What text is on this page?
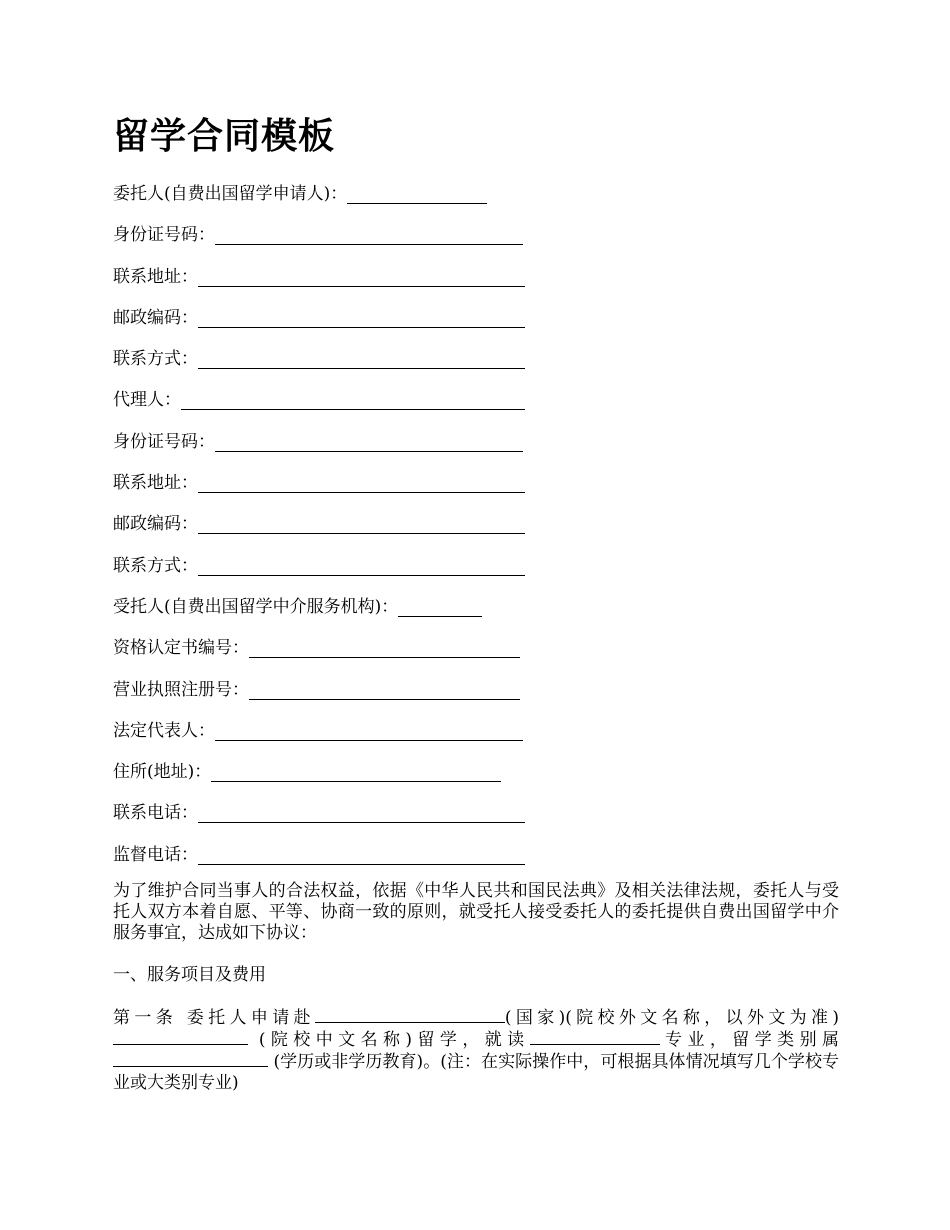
留学合同模板
委托人(自费出国留学申请人)：
身份证号码：
联系地址：
邮政编码：
联系方式：
代理人：
身份证号码：
联系地址：
邮政编码：
联系方式：
受托人(自费出国留学中介服务机构)：
资格认定书编号：
营业执照注册号：
法定代表人：
住所(地址)：
联系电话：
监督电话：

为了维护合同当事人的合法权益，依据《中华人民共和国民法典》及相关法律法规，委托人与受托人双方本着自愿、平等、协商一致的原则，就受托人接受委托人的委托提供自费出国留学中介服务事宜，达成如下协议：

一、服务项目及费用

第一条 委托人申请赴	(国家)(院校外文名称，以外文为准) (院校中文名称)留学，就读	专业，留学类别属 (学历或非学历教育)。(注：在实际操作中，可根据具体情况填写几个学校专业或大类别专业)
